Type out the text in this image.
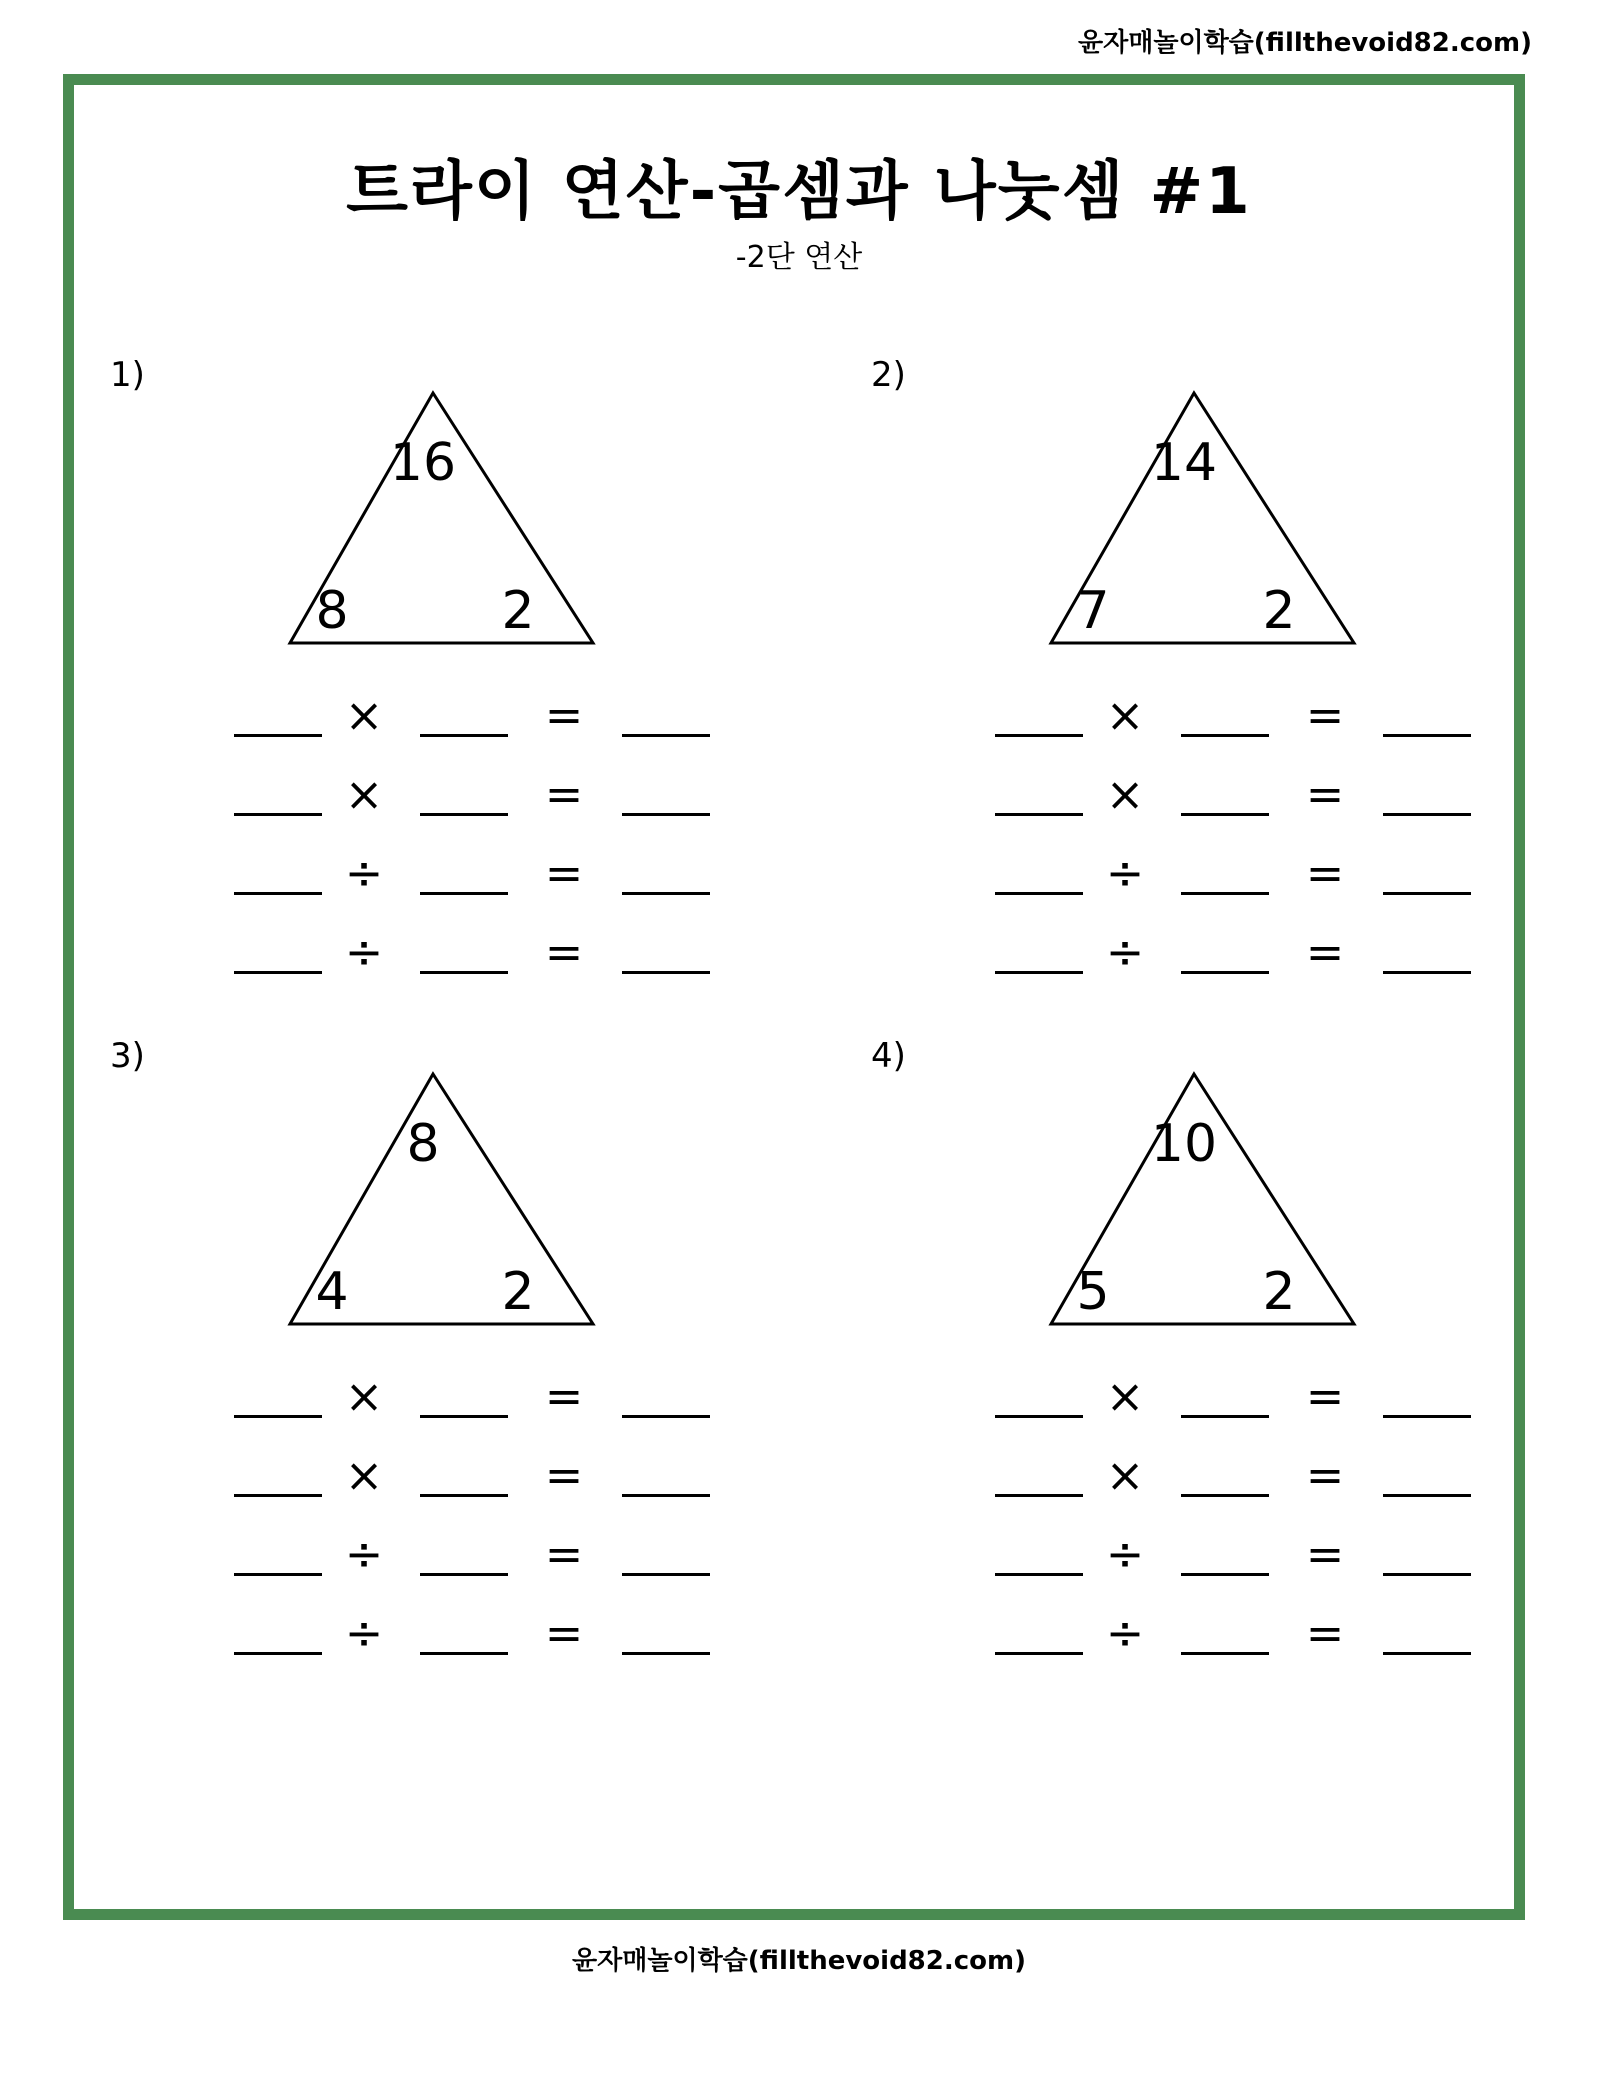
윤자매놀이학습(fillthevoid82.com)
트라이 연산-곱셈과 나눗셈 #1
-2단 연산
1)
16
8	2
×	=
×	=
÷	=
÷	=
2)
14
7	2
×	=
×	=
÷	=
÷	=
3)
8
4	2
×	=
×	=
÷	=
÷	=
4)
10
5	2
×	=
×	=
÷	=
÷	=
윤자매놀이학습(fillthevoid82.com)
